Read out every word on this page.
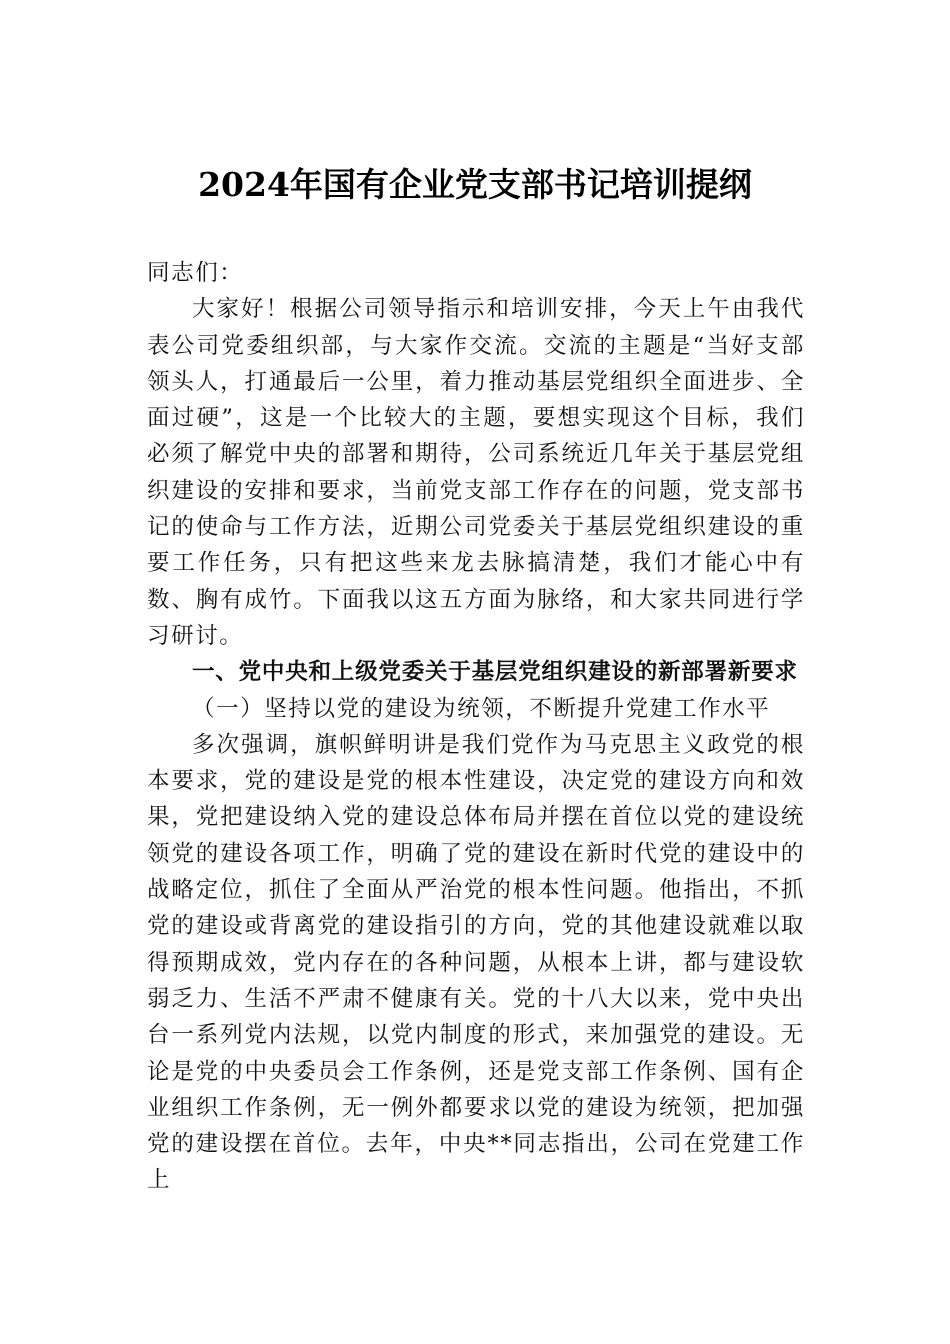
2024年国有企业党支部书记培训提纲

同志们：

大家好！根据公司领导指示和培训安排，今天上午由我代表公司党委组织部，与大家作交流。交流的主题是“当好支部领头人，打通最后一公里，着力推动基层党组织全面进步、全面过硬”，这是一个比较大的主题，要想实现这个目标，我们必须了解党中央的部署和期待，公司系统近几年关于基层党组织建设的安排和要求，当前党支部工作存在的问题，党支部书记的使命与工作方法，近期公司党委关于基层党组织建设的重要工作任务，只有把这些来龙去脉搞清楚，我们才能心中有数、胸有成竹。下面我以这五方面为脉络，和大家共同进行学习研讨。

一、党中央和上级党委关于基层党组织建设的新部署新要求

（一）坚持以党的建设为统领，不断提升党建工作水平

多次强调，旗帜鲜明讲是我们党作为马克思主义政党的根本要求，党的建设是党的根本性建设，决定党的建设方向和效果，党把建设纳入党的建设总体布局并摆在首位以党的建设统领党的建设各项工作，明确了党的建设在新时代党的建设中的战略定位，抓住了全面从严治党的根本性问题。他指出，不抓党的建设或背离党的建设指引的方向，党的其他建设就难以取得预期成效，党内存在的各种问题，从根本上讲，都与建设软弱乏力、生活不严肃不健康有关。党的十八大以来，党中央出台一系列党内法规，以党内制度的形式，来加强党的建设。无论是党的中央委员会工作条例，还是党支部工作条例、国有企业组织工作条例，无一例外都要求以党的建设为统领，把加强党的建设摆在首位。去年，中央**同志指出，公司在党建工作上
